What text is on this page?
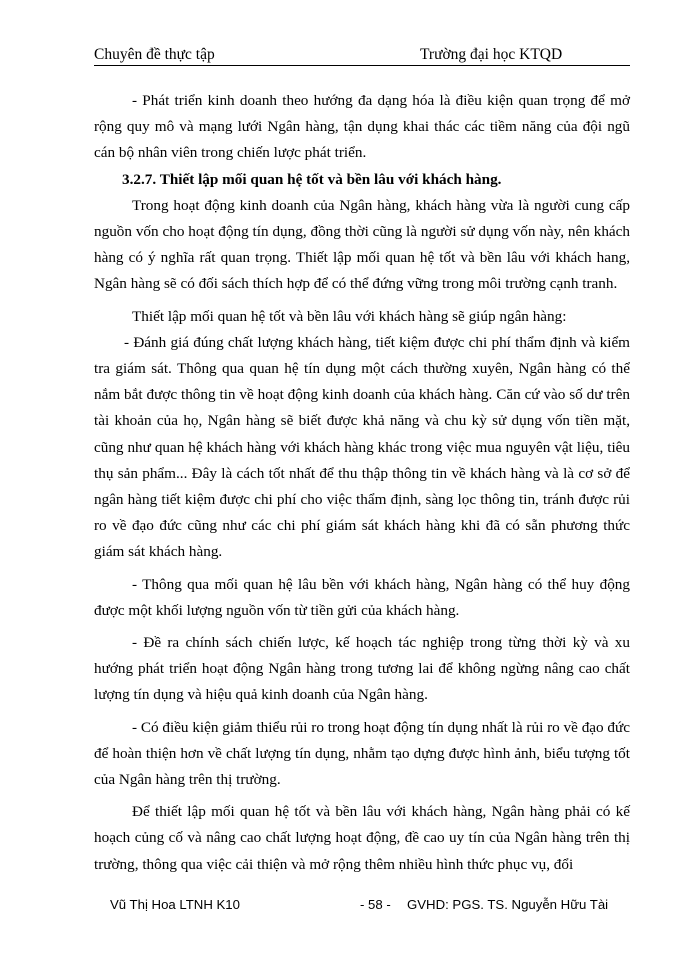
Chuyên đề thực tập	Trường đại học KTQD

- Phát triển kinh doanh theo hướng đa dạng hóa là điều kiện quan trọng để mở rộng quy mô và mạng lưới Ngân hàng, tận dụng khai thác các tiềm năng của đội ngũ cán bộ nhân viên trong chiến lược phát triển.

3.2.7. Thiết lập mối quan hệ tốt và bền lâu với khách hàng.

Trong hoạt động kinh doanh của Ngân hàng, khách hàng vừa là người cung cấp nguồn vốn cho hoạt động tín dụng, đồng thời cũng là người sử dụng vốn này, nên khách hàng có ý nghĩa rất quan trọng. Thiết lập mối quan hệ tốt và bền lâu với khách hang, Ngân hàng sẽ có đối sách thích hợp để có thể đứng vững trong môi trường cạnh tranh.

Thiết lập mối quan hệ tốt và bền lâu với khách hàng sẽ giúp ngân hàng:

- Đánh giá đúng chất lượng khách hàng, tiết kiệm được chi phí thẩm định và kiểm tra giám sát. Thông qua quan hệ tín dụng một cách thường xuyên, Ngân hàng có thể nắm bắt được thông tin về hoạt động kinh doanh của khách hàng. Căn cứ vào số dư trên tài khoản của họ, Ngân hàng sẽ biết được khả năng và chu kỳ sử dụng vốn tiền mặt, cũng như quan hệ khách hàng với khách hàng khác trong việc mua nguyên vật liệu, tiêu thụ sản phẩm... Đây là cách tốt nhất để thu thập thông tin về khách hàng và là cơ sở để ngân hàng tiết kiệm được chi phí cho việc thẩm định, sàng lọc thông tin, tránh được rủi ro về đạo đức cũng như các chi phí giám sát khách hàng khi đã có sẵn phương thức giám sát khách hàng.

- Thông qua mối quan hệ lâu bền với khách hàng, Ngân hàng có thể huy động được một khối lượng nguồn vốn từ tiền gửi của khách hàng.

- Đề ra chính sách chiến lược, kế hoạch tác nghiệp trong từng thời kỳ và xu hướng phát triển hoạt động Ngân hàng trong tương lai để không ngừng nâng cao chất lượng tín dụng và hiệu quả kinh doanh của Ngân hàng.

- Có điều kiện giảm thiểu rủi ro trong hoạt động tín dụng nhất là rủi ro về đạo đức để hoàn thiện hơn về chất lượng tín dụng, nhằm tạo dựng được hình ảnh, biểu tượng tốt của Ngân hàng trên thị trường.

Để thiết lập mối quan hệ tốt và bền lâu với khách hàng, Ngân hàng phải có kế hoạch củng cố và nâng cao chất lượng hoạt động, đề cao uy tín của Ngân hàng trên thị trường, thông qua việc cải thiện và mở rộng thêm nhiều hình thức phục vụ, đổi

Vũ Thị Hoa LTNH K10	- 58 - GVHD: PGS. TS. Nguyễn Hữu Tài
